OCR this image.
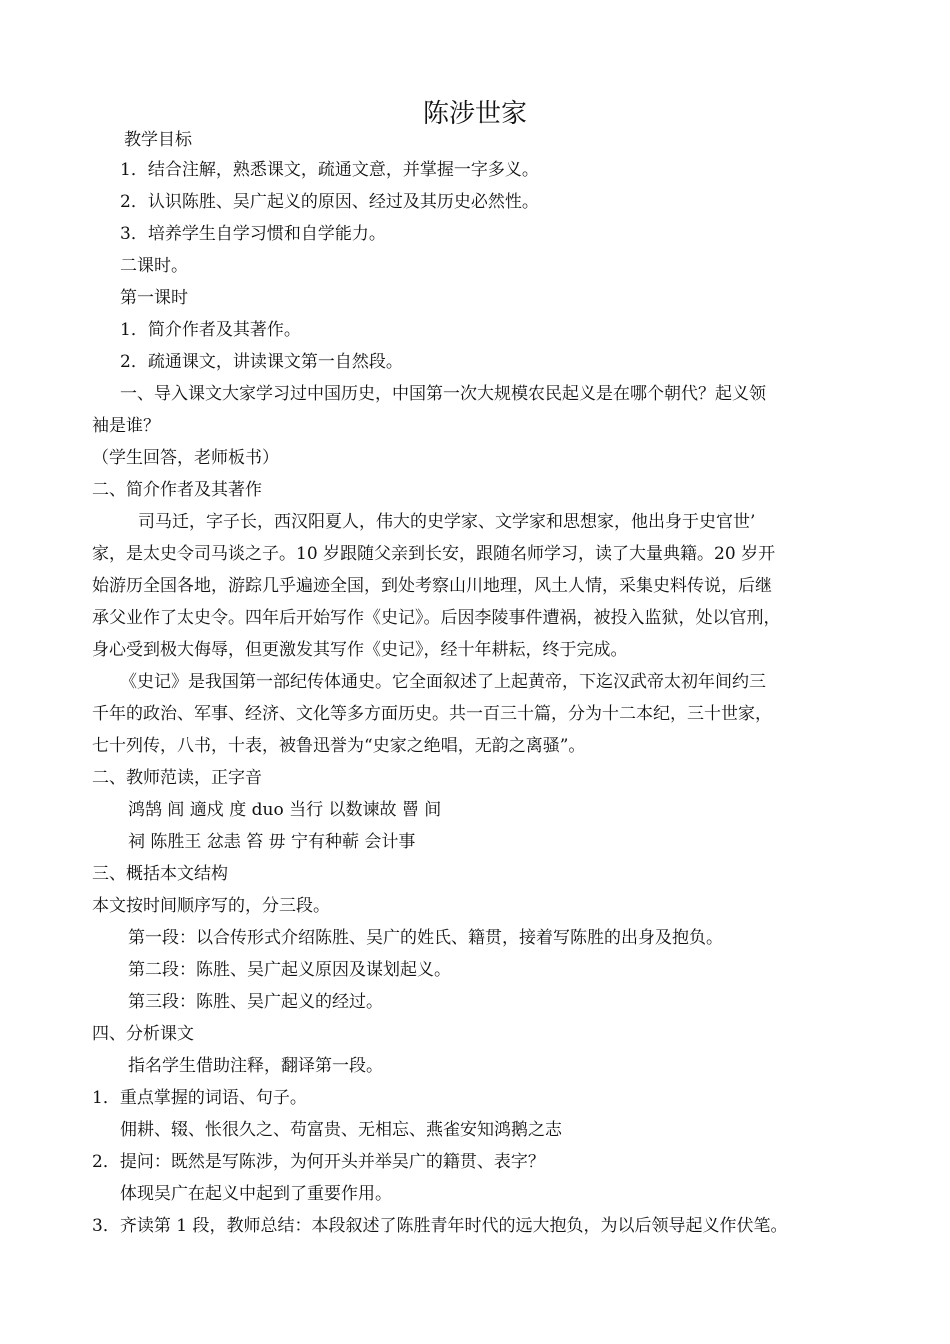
陈涉世家
教学目标
1．结合注解，熟悉课文，疏通文意，并掌握一字多义。
2．认识陈胜、吴广起义的原因、经过及其历史必然性。
3．培养学生自学习惯和自学能力。
二课时。
第一课时
1．简介作者及其著作。
2．疏通课文，讲读课文第一自然段。
一、导入课文大家学习过中国历史，中国第一次大规模农民起义是在哪个朝代？起义领
袖是谁？
（学生回答，老师板书）
二、简介作者及其著作
司马迁，字子长，西汉阳夏人，伟大的史学家、文学家和思想家，他出身于史官世’
家，是太史令司马谈之子。10 岁跟随父亲到长安，跟随名师学习，读了大量典籍。20 岁开
始游历全国各地，游踪几乎遍迹全国，到处考察山川地理，风土人情，采集史料传说，后继
承父业作了太史令。四年后开始写作《史记》。后因李陵事件遭祸，被投入监狱，处以官刑，
身心受到极大侮辱，但更激发其写作《史记》，经十年耕耘，终于完成。
《史记》是我国第一部纪传体通史。它全面叙述了上起黄帝，下迄汉武帝太初年间约三
千年的政治、军事、经济、文化等多方面历史。共一百三十篇，分为十二本纪，三十世家，
七十列传，八书，十表，被鲁迅誉为“史家之绝唱，无韵之离骚”。
二、教师范读，正字音
鸿鹄 闾 適戍 度 duo 当行 以数谏故 罾 间
祠 陈胜王 忿恚 笞 毋 宁有种蕲 会计事
三、概括本文结构
本文按时间顺序写的，分三段。
第一段：以合传形式介绍陈胜、吴广的姓氏、籍贯，接着写陈胜的出身及抱负。
第二段：陈胜、吴广起义原因及谋划起义。
第三段：陈胜、吴广起义的经过。
四、分析课文
指名学生借助注释，翻译第一段。
1．重点掌握的词语、句子。
佣耕、辍、怅很久之、苟富贵、无相忘、燕雀安知鸿鹅之志
2．提问：既然是写陈涉，为何开头并举吴广的籍贯、表字？
体现吴广在起义中起到了重要作用。
3．齐读第 1 段，教师总结：本段叙述了陈胜青年时代的远大抱负，为以后领导起义作伏笔。
